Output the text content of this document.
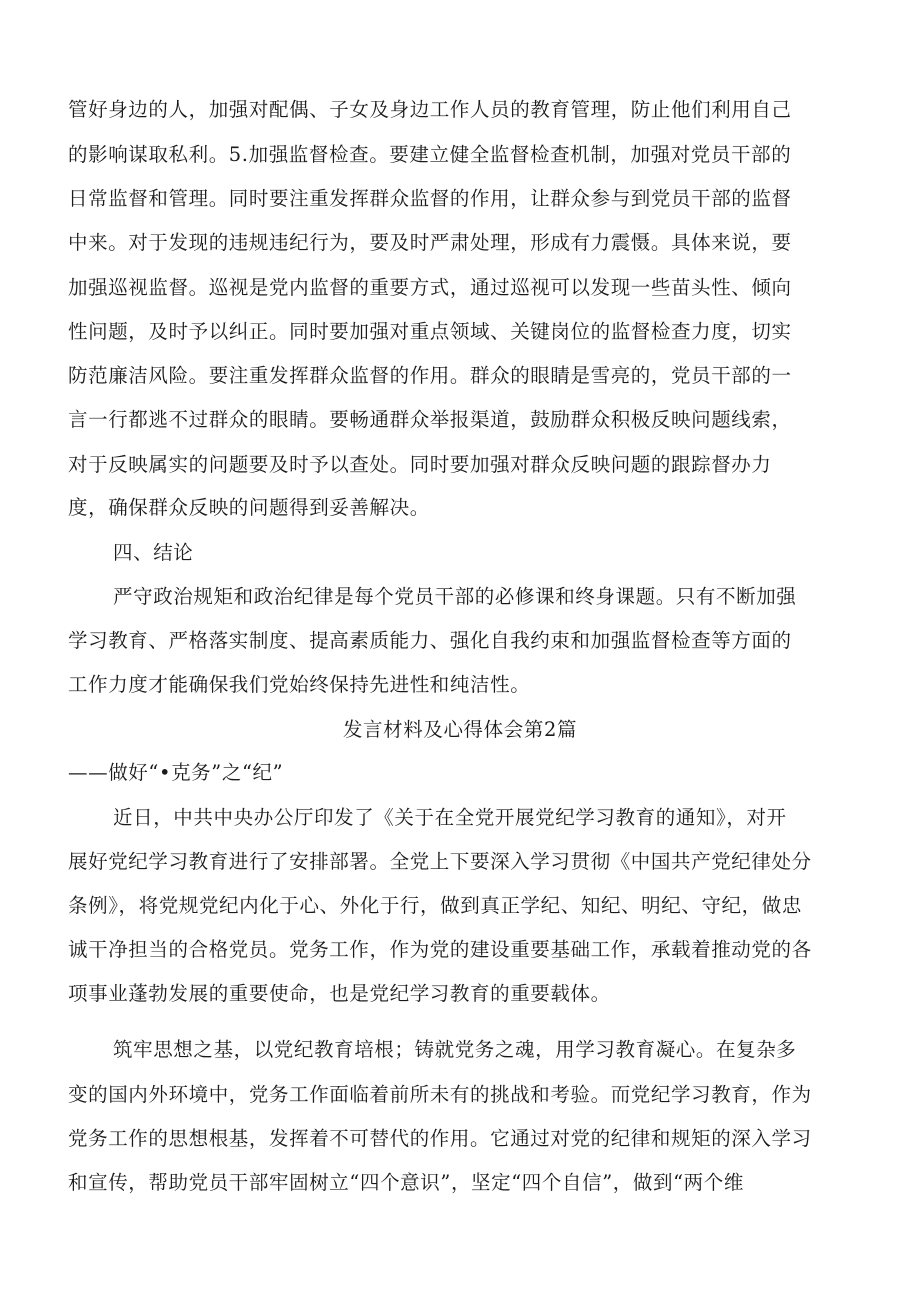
管好身边的人，加强对配偶、子女及身边工作人员的教育管理，防止他们利用自己
的影响谋取私利。5.加强监督检查。要建立健全监督检查机制，加强对党员干部的
日常监督和管理。同时要注重发挥群众监督的作用，让群众参与到党员干部的监督
中来。对于发现的违规违纪行为，要及时严肃处理，形成有力震慑。具体来说，要
加强巡视监督。巡视是党内监督的重要方式，通过巡视可以发现一些苗头性、倾向
性问题，及时予以纠正。同时要加强对重点领域、关键岗位的监督检查力度，切实
防范廉洁风险。要注重发挥群众监督的作用。群众的眼睛是雪亮的，党员干部的一
言一行都逃不过群众的眼睛。要畅通群众举报渠道，鼓励群众积极反映问题线索，
对于反映属实的问题要及时予以查处。同时要加强对群众反映问题的跟踪督办力
度，确保群众反映的问题得到妥善解决。
四、结论
严守政治规矩和政治纪律是每个党员干部的必修课和终身课题。只有不断加强
学习教育、严格落实制度、提高素质能力、强化自我约束和加强监督检查等方面的
工作力度才能确保我们党始终保持先进性和纯洁性。
发言材料及心得体会第2篇
——做好“•克务”之“纪”
近日，中共中央办公厅印发了《关于在全党开展党纪学习教育的通知》，对开
展好党纪学习教育进行了安排部署。全党上下要深入学习贯彻《中国共产党纪律处分
条例》，将党规党纪内化于心、外化于行，做到真正学纪、知纪、明纪、守纪，做忠
诚干净担当的合格党员。党务工作，作为党的建设重要基础工作，承载着推动党的各
项事业蓬勃发展的重要使命，也是党纪学习教育的重要载体。
筑牢思想之基，以党纪教育培根；铸就党务之魂，用学习教育凝心。在复杂多
变的国内外环境中，党务工作面临着前所未有的挑战和考验。而党纪学习教育，作为
党务工作的思想根基，发挥着不可替代的作用。它通过对党的纪律和规矩的深入学习
和宣传，帮助党员干部牢固树立“四个意识”，坚定“四个自信”，做到“两个维
